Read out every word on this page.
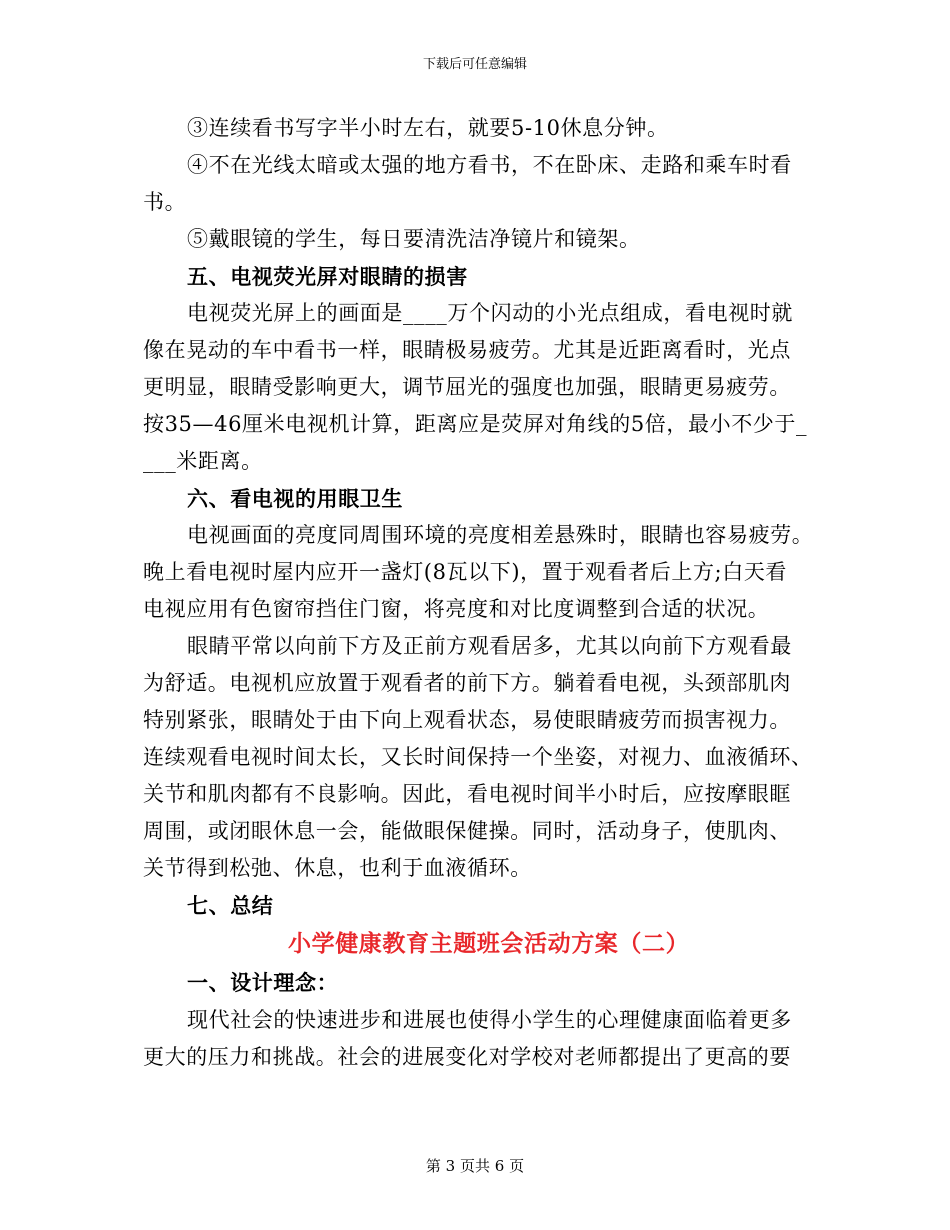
下载后可任意编辑
③连续看书写字半小时左右，就要5-10休息分钟。
④不在光线太暗或太强的地方看书，不在卧床、走路和乘车时看
书。
⑤戴眼镜的学生，每日要清洗洁净镜片和镜架。
五、电视荧光屏对眼睛的损害
电视荧光屏上的画面是____万个闪动的小光点组成，看电视时就
像在晃动的车中看书一样，眼睛极易疲劳。尤其是近距离看时，光点
更明显，眼睛受影响更大，调节屈光的强度也加强，眼睛更易疲劳。
按35—46厘米电视机计算，距离应是荧屏对角线的5倍，最小不少于_
___米距离。
六、看电视的用眼卫生
电视画面的亮度同周围环境的亮度相差悬殊时，眼睛也容易疲劳。
晚上看电视时屋内应开一盏灯(8瓦以下)，置于观看者后上方;白天看
电视应用有色窗帘挡住门窗，将亮度和对比度调整到合适的状况。
眼睛平常以向前下方及正前方观看居多，尤其以向前下方观看最
为舒适。电视机应放置于观看者的前下方。躺着看电视，头颈部肌肉
特别紧张，眼睛处于由下向上观看状态，易使眼睛疲劳而损害视力。
连续观看电视时间太长，又长时间保持一个坐姿，对视力、血液循环、
关节和肌肉都有不良影响。因此，看电视时间半小时后，应按摩眼眶
周围，或闭眼休息一会，能做眼保健操。同时，活动身子，使肌肉、
关节得到松弛、休息，也利于血液循环。
七、总结
小学健康教育主题班会活动方案（二）
一、设计理念：
现代社会的快速进步和进展也使得小学生的心理健康面临着更多
更大的压力和挑战。社会的进展变化对学校对老师都提出了更高的要
第 3 页共 6 页
